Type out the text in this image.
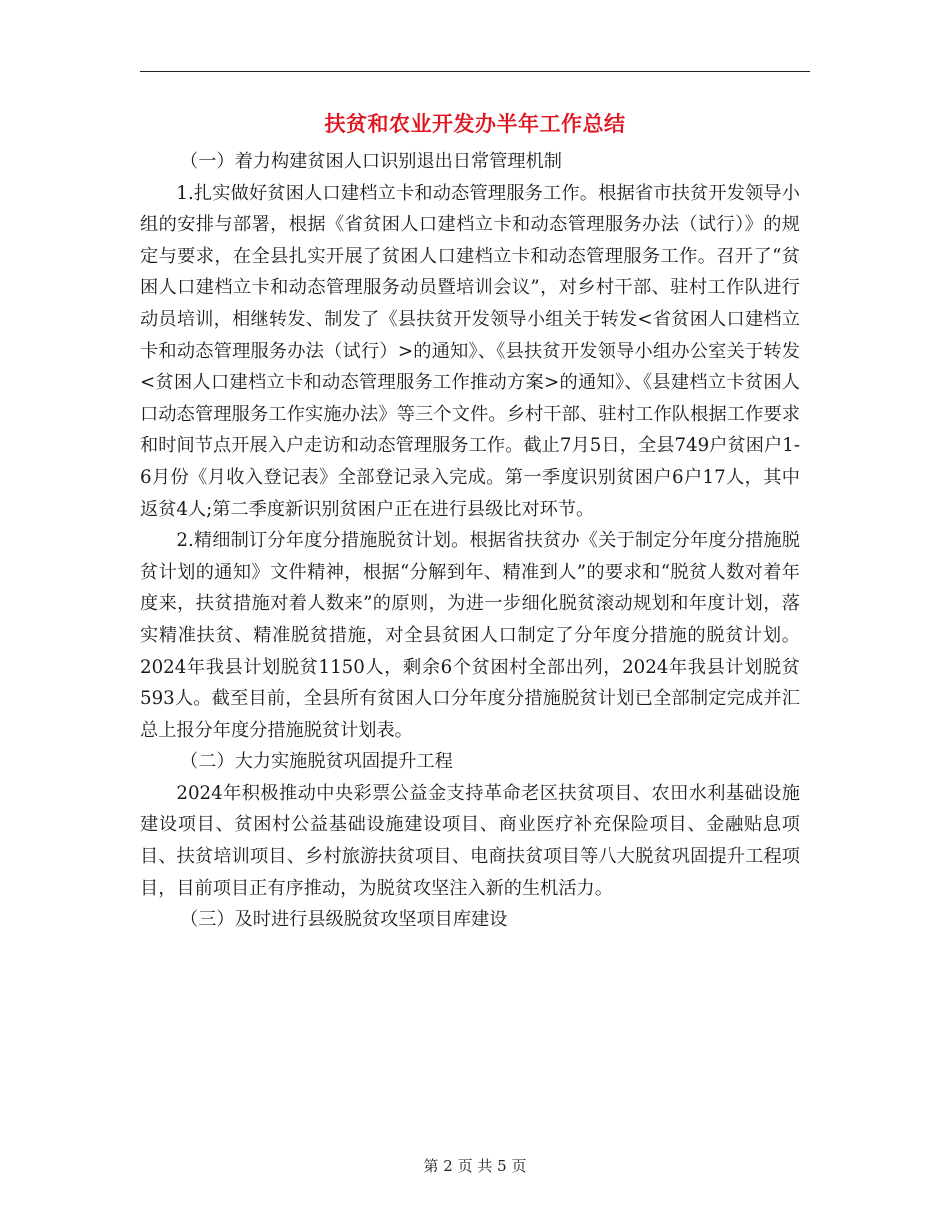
扶贫和农业开发办半年工作总结

（一）着力构建贫困人口识别退出日常管理机制

1.扎实做好贫困人口建档立卡和动态管理服务工作。根据省市扶贫开发领导小组的安排与部署，根据《省贫困人口建档立卡和动态管理服务办法（试行）》的规定与要求，在全县扎实开展了贫困人口建档立卡和动态管理服务工作。召开了“贫困人口建档立卡和动态管理服务动员暨培训会议”，对乡村干部、驻村工作队进行动员培训，相继转发、制发了《县扶贫开发领导小组关于转发<省贫困人口建档立卡和动态管理服务办法（试行）>的通知》、《县扶贫开发领导小组办公室关于转发<贫困人口建档立卡和动态管理服务工作推动方案>的通知》、《县建档立卡贫困人口动态管理服务工作实施办法》等三个文件。乡村干部、驻村工作队根据工作要求和时间节点开展入户走访和动态管理服务工作。截止7月5日，全县749户贫困户1-6月份《月收入登记表》全部登记录入完成。第一季度识别贫困户6户17人，其中返贫4人;第二季度新识别贫困户正在进行县级比对环节。

2.精细制订分年度分措施脱贫计划。根据省扶贫办《关于制定分年度分措施脱贫计划的通知》文件精神，根据“分解到年、精准到人”的要求和“脱贫人数对着年度来，扶贫措施对着人数来”的原则，为进一步细化脱贫滚动规划和年度计划，落实精准扶贫、精准脱贫措施，对全县贫困人口制定了分年度分措施的脱贫计划。2024年我县计划脱贫1150人，剩余6个贫困村全部出列，2024年我县计划脱贫593人。截至目前，全县所有贫困人口分年度分措施脱贫计划已全部制定完成并汇总上报分年度分措施脱贫计划表。

（二）大力实施脱贫巩固提升工程

2024年积极推动中央彩票公益金支持革命老区扶贫项目、农田水利基础设施建设项目、贫困村公益基础设施建设项目、商业医疗补充保险项目、金融贴息项目、扶贫培训项目、乡村旅游扶贫项目、电商扶贫项目等八大脱贫巩固提升工程项目，目前项目正有序推动，为脱贫攻坚注入新的生机活力。

（三）及时进行县级脱贫攻坚项目库建设

第 2 页 共 5 页
